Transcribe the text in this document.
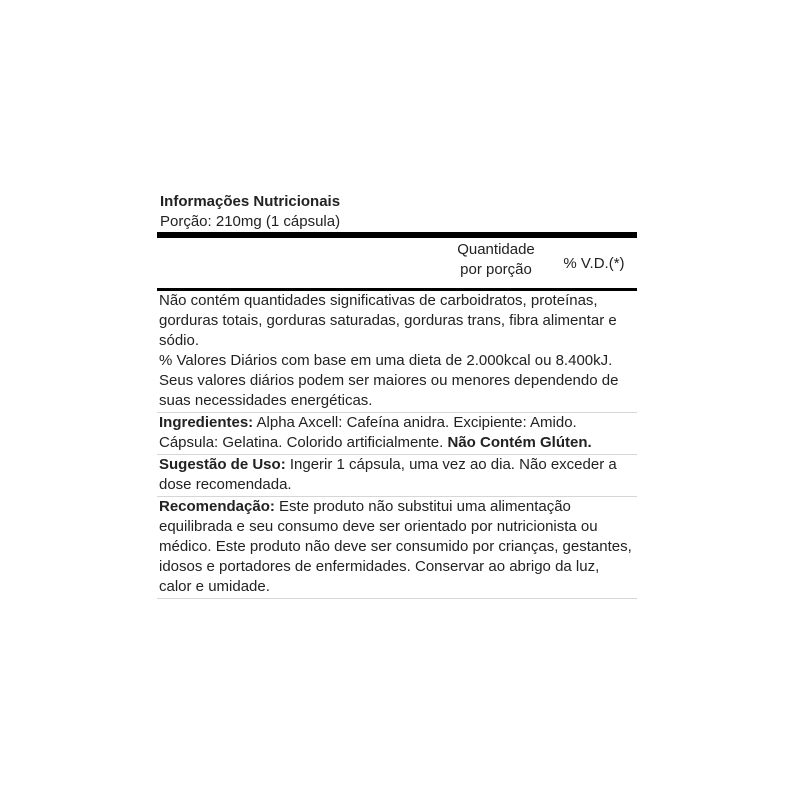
Informações Nutricionais
Porção: 210mg (1 cápsula)
Quantidade
por porção	% V.D.(*)

Não contém quantidades significativas de carboidratos, proteínas, gorduras totais, gorduras saturadas, gorduras trans, fibra alimentar e sódio.

% Valores Diários com base em uma dieta de 2.000kcal ou 8.400kJ. Seus valores diários podem ser maiores ou menores dependendo de suas necessidades energéticas.

Ingredientes: Alpha Axcell: Cafeína anidra. Excipiente: Amido. Cápsula: Gelatina. Colorido artificialmente. Não Contém Glúten.

Sugestão de Uso: Ingerir 1 cápsula, uma vez ao dia. Não exceder a dose recomendada.

Recomendação: Este produto não substitui uma alimentação equilibrada e seu consumo deve ser orientado por nutricionista ou médico. Este produto não deve ser consumido por crianças, gestantes, idosos e portadores de enfermidades. Conservar ao abrigo da luz, calor e umidade.
